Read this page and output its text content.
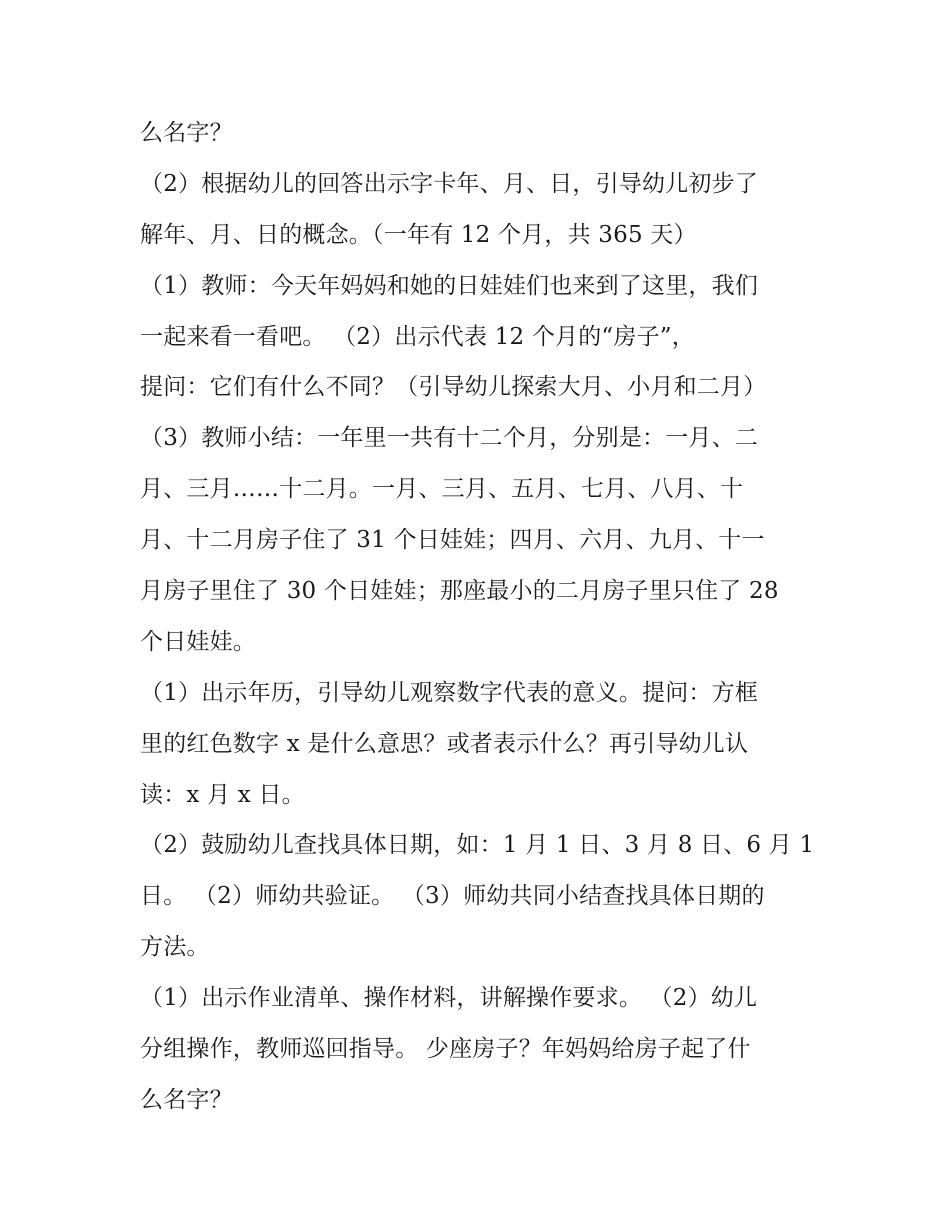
么名字？
（2）根据幼儿的回答出示字卡年、月、日，引导幼儿初步了
解年、月、日的概念。（一年有 12 个月，共 365 天）
（1）教师：今天年妈妈和她的日娃娃们也来到了这里，我们
一起来看一看吧。 （2）出示代表 12 个月的“房子”，
提问：它们有什么不同？（引导幼儿探索大月、小月和二月）
（3）教师小结：一年里一共有十二个月，分别是：一月、二
月、三月……十二月。一月、三月、五月、七月、八月、十
月、十二月房子住了 31 个日娃娃；四月、六月、九月、十一
月房子里住了 30 个日娃娃；那座最小的二月房子里只住了 28
个日娃娃。
（1）出示年历，引导幼儿观察数字代表的意义。提问：方框
里的红色数字 x 是什么意思？或者表示什么？再引导幼儿认
读：x 月 x 日。
（2）鼓励幼儿查找具体日期，如：1 月 1 日、3 月 8 日、6 月 1
日。 （2）师幼共验证。 （3）师幼共同小结查找具体日期的
方法。
（1）出示作业清单、操作材料，讲解操作要求。 （2）幼儿
分组操作，教师巡回指导。 少座房子？年妈妈给房子起了什
么名字？
